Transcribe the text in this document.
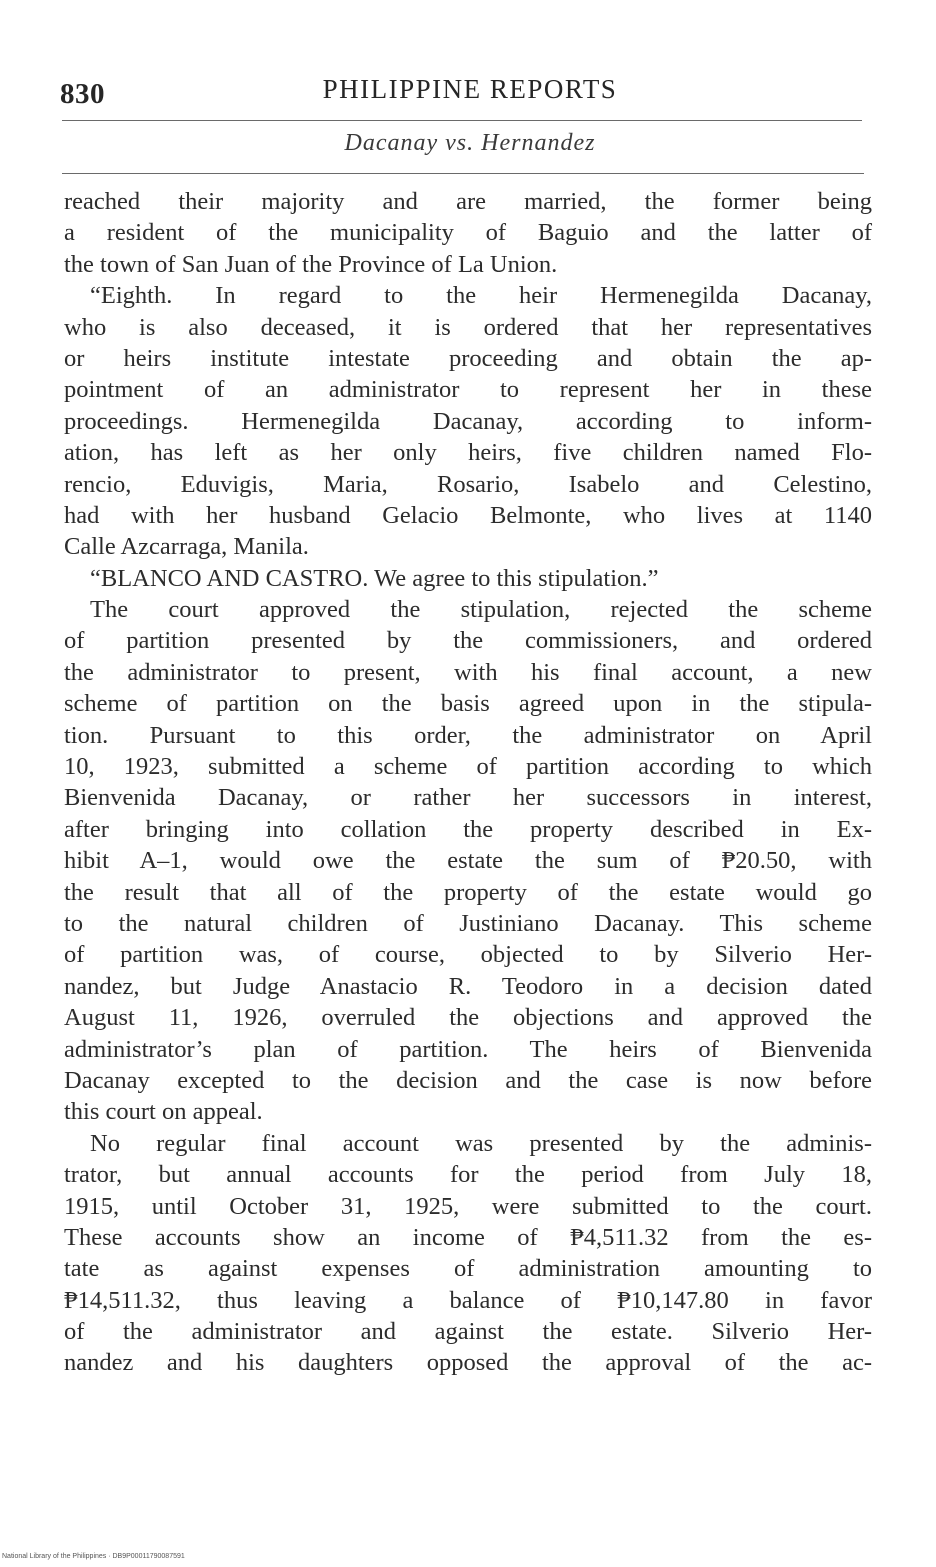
830	PHILIPPINE REPORTS
Dacanay vs. Hernandez
reached their majority and are married, the former being
a resident of the municipality of Baguio and the latter of
the town of San Juan of the Province of La Union.
“Eighth. In regard to the heir Hermenegilda Dacanay,
who is also deceased, it is ordered that her representatives
or heirs institute intestate proceeding and obtain the ap-
pointment of an administrator to represent her in these
proceedings. Hermenegilda Dacanay, according to inform-
ation, has left as her only heirs, five children named Flo-
rencio, Eduvigis, Maria, Rosario, Isabelo and Celestino,
had with her husband Gelacio Belmonte, who lives at 1140
Calle Azcarraga, Manila.
“BLANCO AND CASTRO. We agree to this stipulation.”
The court approved the stipulation, rejected the scheme
of partition presented by the commissioners, and ordered
the administrator to present, with his final account, a new
scheme of partition on the basis agreed upon in the stipula-
tion. Pursuant to this order, the administrator on April
10, 1923, submitted a scheme of partition according to which
Bienvenida Dacanay, or rather her successors in interest,
after bringing into collation the property described in Ex-
hibit A–1, would owe the estate the sum of ₱20.50, with
the result that all of the property of the estate would go
to the natural children of Justiniano Dacanay. This scheme
of partition was, of course, objected to by Silverio Her-
nandez, but Judge Anastacio R. Teodoro in a decision dated
August 11, 1926, overruled the objections and approved the
administrator’s plan of partition. The heirs of Bienvenida
Dacanay excepted to the decision and the case is now before
this court on appeal.
No regular final account was presented by the adminis-
trator, but annual accounts for the period from July 18,
1915, until October 31, 1925, were submitted to the court.
These accounts show an income of ₱4,511.32 from the es-
tate as against expenses of administration amounting to
₱14,511.32, thus leaving a balance of ₱10,147.80 in favor
of the administrator and against the estate. Silverio Her-
nandez and his daughters opposed the approval of the ac-
National Library of the Philippines · DB9P00011790087591
